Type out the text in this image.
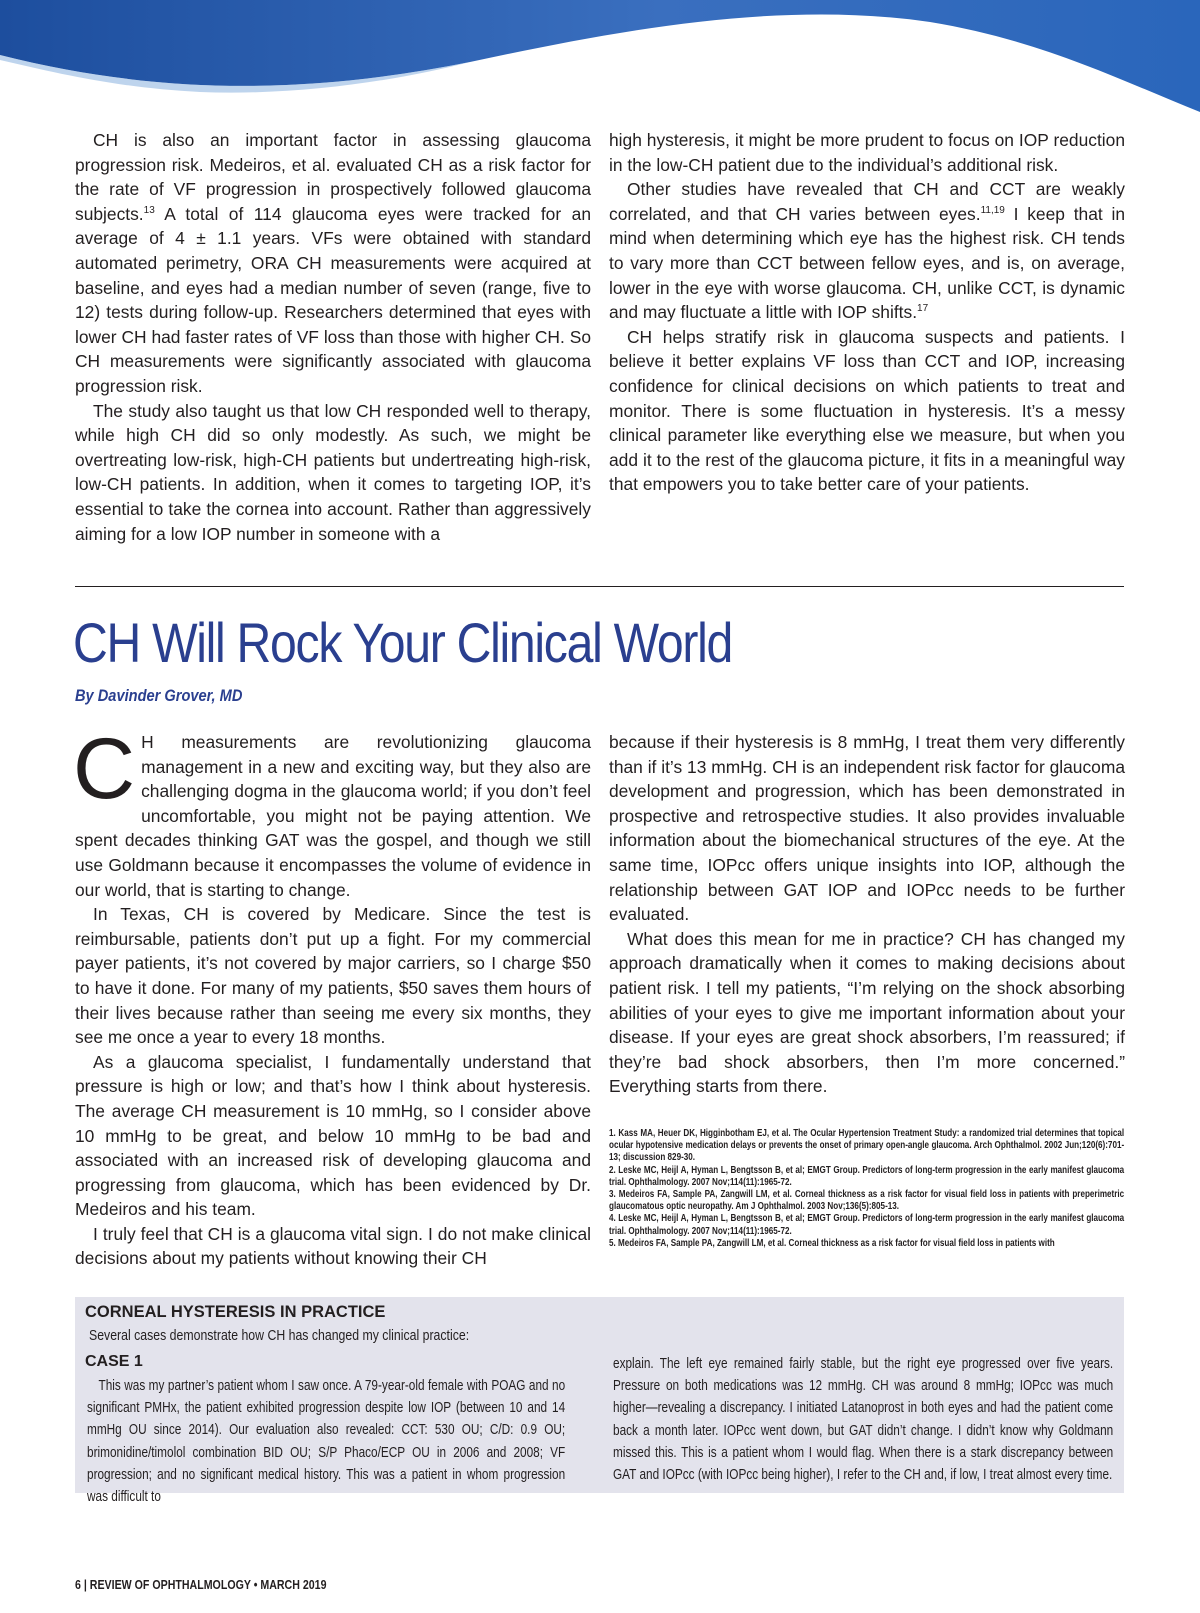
CH is also an important factor in assessing glaucoma progression risk. Medeiros, et al. evaluated CH as a risk factor for the rate of VF progression in prospectively followed glaucoma subjects.$^{13}$ A total of 114 glaucoma eyes were tracked for an average of 4 ± 1.1 years. VFs were obtained with standard automated perimetry, ORA CH measurements were acquired at baseline, and eyes had a median number of seven (range, five to 12) tests during follow-up. Researchers determined that eyes with lower CH had faster rates of VF loss than those with higher CH. So CH measurements were significantly associated with glaucoma progression risk.

The study also taught us that low CH responded well to therapy, while high CH did so only modestly. As such, we might be overtreating low-risk, high-CH patients but undertreating high-risk, low-CH patients. In addition, when it comes to targeting IOP, it’s essential to take the cornea into account. Rather than aggressively aiming for a low IOP number in someone with a

high hysteresis, it might be more prudent to focus on IOP reduction in the low-CH patient due to the individual’s additional risk.

Other studies have revealed that CH and CCT are weakly correlated, and that CH varies between eyes.$^{11,19}$ I keep that in mind when determining which eye has the highest risk. CH tends to vary more than CCT between fellow eyes, and is, on average, lower in the eye with worse glaucoma. CH, unlike CCT, is dynamic and may fluctuate a little with IOP shifts.$^{17}$

CH helps stratify risk in glaucoma suspects and patients. I believe it better explains VF loss than CCT and IOP, increasing confidence for clinical decisions on which patients to treat and monitor. There is some fluctuation in hysteresis. It’s a messy clinical parameter like everything else we measure, but when you add it to the rest of the glaucoma picture, it fits in a meaningful way that empowers you to take better care of your patients.

CH Will Rock Your Clinical World
By Davinder Grover, MD

C H measurements are revolutionizing glaucoma management in a new and exciting way, but they also are challenging dogma in the glaucoma world; if you don’t feel uncomfortable, you might not be paying attention. We spent decades thinking GAT was the gospel, and though we still use Goldmann because it encompasses the volume of evidence in our world, that is starting to change.

In Texas, CH is covered by Medicare. Since the test is reimbursable, patients don’t put up a fight. For my commercial payer patients, it’s not covered by major carriers, so I charge $50 to have it done. For many of my patients, $50 saves them hours of their lives because rather than seeing me every six months, they see me once a year to every 18 months.

As a glaucoma specialist, I fundamentally understand that pressure is high or low; and that’s how I think about hysteresis. The average CH measurement is 10 mmHg, so I consider above 10 mmHg to be great, and below 10 mmHg to be bad and associated with an increased risk of developing glaucoma and progressing from glaucoma, which has been evidenced by Dr. Medeiros and his team.

I truly feel that CH is a glaucoma vital sign. I do not make clinical decisions about my patients without knowing their CH

because if their hysteresis is 8 mmHg, I treat them very differently than if it’s 13 mmHg. CH is an independent risk factor for glaucoma development and progression, which has been demonstrated in prospective and retrospective studies. It also provides invaluable information about the biomechanical structures of the eye. At the same time, IOPcc offers unique insights into IOP, although the relationship between GAT IOP and IOPcc needs to be further evaluated.

What does this mean for me in practice? CH has changed my approach dramatically when it comes to making decisions about patient risk. I tell my patients, “I’m relying on the shock absorbing abilities of your eyes to give me important information about your disease. If your eyes are great shock absorbers, I’m reassured; if they’re bad shock absorbers, then I’m more concerned.” Everything starts from there.

1. Kass MA, Heuer DK, Higginbotham EJ, et al. The Ocular Hypertension Treatment Study: a randomized trial determines that topical ocular hypotensive medication delays or prevents the onset of primary open-angle glaucoma. Arch Ophthalmol. 2002 Jun;120(6):701-13; discussion 829-30.
2. Leske MC, Heijl A, Hyman L, Bengtsson B, et al; EMGT Group. Predictors of long-term progression in the early manifest glaucoma trial. Ophthalmology. 2007 Nov;114(11):1965-72.
3. Medeiros FA, Sample PA, Zangwill LM, et al. Corneal thickness as a risk factor for visual field loss in patients with preperimetric glaucomatous optic neuropathy. Am J Ophthalmol. 2003 Nov;136(5):805-13.
4. Leske MC, Heijl A, Hyman L, Bengtsson B, et al; EMGT Group. Predictors of long-term progression in the early manifest glaucoma trial. Ophthalmology. 2007 Nov;114(11):1965-72.
5. Medeiros FA, Sample PA, Zangwill LM, et al. Corneal thickness as a risk factor for visual field loss in patients with
CORNEAL HYSTERESIS IN PRACTICE
Several cases demonstrate how CH has changed my clinical practice:
CASE 1
This was my partner’s patient whom I saw once. A 79-year-old female with POAG and no significant PMHx, the patient exhibited progression despite low IOP (between 10 and 14 mmHg OU since 2014). Our evaluation also revealed: CCT: 530 OU; C/D: 0.9 OU; brimonidine/timolol combination BID OU; S/P Phaco/ECP OU in 2006 and 2008; VF progression; and no significant medical history. This was a patient in whom progression was difficult to
explain. The left eye remained fairly stable, but the right eye progressed over five years. Pressure on both medications was 12 mmHg. CH was around 8 mmHg; IOPcc was much higher—revealing a discrepancy. I initiated Latanoprost in both eyes and had the patient come back a month later. IOPcc went down, but GAT didn’t change. I didn’t know why Goldmann missed this. This is a patient whom I would flag. When there is a stark discrepancy between GAT and IOPcc (with IOPcc being higher), I refer to the CH and, if low, I treat almost every time.
6 | REVIEW OF OPHTHALMOLOGY • MARCH 2019
